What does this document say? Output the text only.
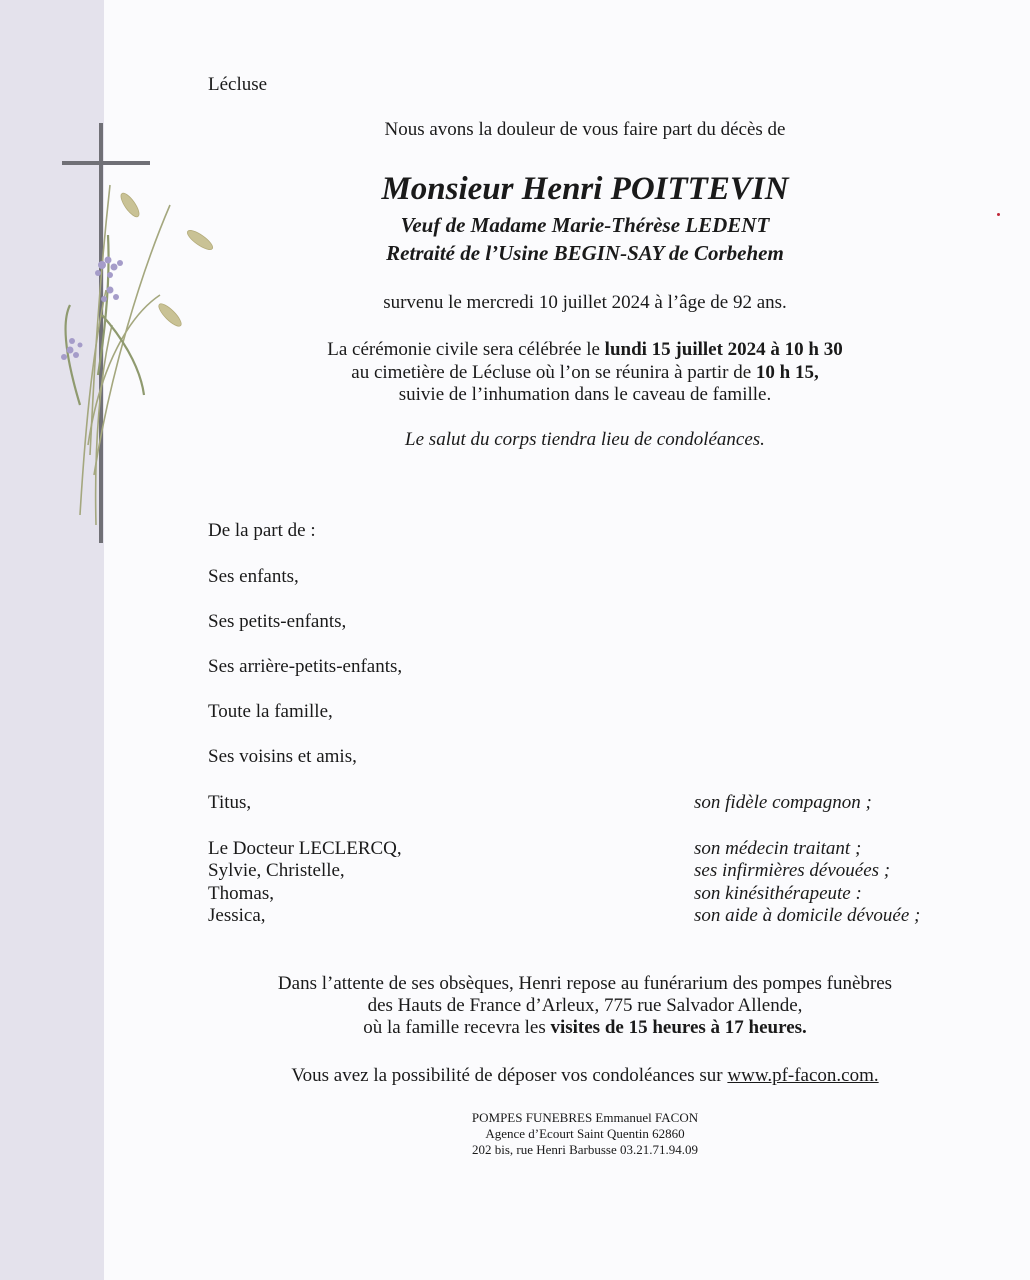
Lécluse
Nous avons la douleur de vous faire part du décès de
Monsieur Henri POITTEVIN
Veuf de Madame Marie-Thérèse LEDENT
Retraité de l’Usine BEGIN-SAY de Corbehem
survenu le mercredi 10 juillet 2024 à l’âge de 92 ans.
La cérémonie civile sera célébrée le lundi 15 juillet 2024 à 10 h 30
au cimetière de Lécluse où l’on se réunira à partir de 10 h 15,
suivie de l’inhumation dans le caveau de famille.
Le salut du corps tiendra lieu de condoléances.
De la part de :
Ses enfants,
Ses petits-enfants,
Ses arrière-petits-enfants,
Toute la famille,
Ses voisins et amis,
Titus,	son fidèle compagnon ;
Le Docteur LECLERCQ,	son médecin traitant ;
Sylvie, Christelle,	ses infirmières dévouées ;
Thomas,	son kinésithérapeute :
Jessica,	son aide à domicile dévouée ;
Dans l’attente de ses obsèques, Henri repose au funérarium des pompes funèbres
des Hauts de France d’Arleux, 775 rue Salvador Allende,
où la famille recevra les visites de 15 heures à 17 heures.
Vous avez la possibilité de déposer vos condoléances sur www.pf-facon.com.
POMPES FUNEBRES Emmanuel FACON
Agence d’Ecourt Saint Quentin 62860
202 bis, rue Henri Barbusse 03.21.71.94.09
